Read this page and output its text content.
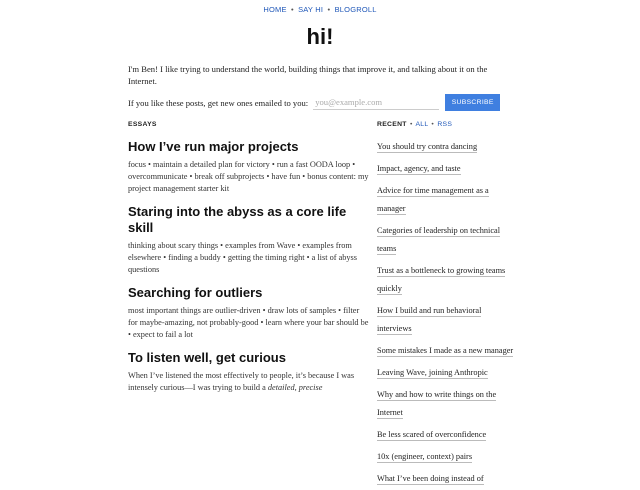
HOME • SAY HI • BLOGROLL
hi!

I'm Ben! I like trying to understand the world, building things that improve it, and talking about it on the Internet.

If you like these posts, get new ones emailed to you:
you@example.com	SUBSCRIBE
ESSAYS
How I’ve run major projects
focus • maintain a detailed plan for victory • run a fast OODA loop • overcommunicate • break off subprojects • have fun • bonus content: my project management starter kit
Staring into the abyss as a core life skill
thinking about scary things • examples from Wave • examples from elsewhere • finding a buddy • getting the timing right • a list of abyss questions
Searching for outliers
most important things are outlier-driven • draw lots of samples • filter for maybe-amazing, not probably-good • learn where your bar should be • expect to fail a lot
To listen well, get curious
When I’ve listened the most effectively to people, it’s because I was intensely curious—I was trying to build a detailed, precise
RECENT • ALL • RSS
You should try contra dancing
Impact, agency, and taste
Advice for time management as a manager
Categories of leadership on technical teams
Trust as a bottleneck to growing teams quickly
How I build and run behavioral interviews
Some mistakes I made as a new manager
Leaving Wave, joining Anthropic
Why and how to write things on the Internet
Be less scared of overconfidence
10x (engineer, context) pairs
What I’ve been doing instead of
